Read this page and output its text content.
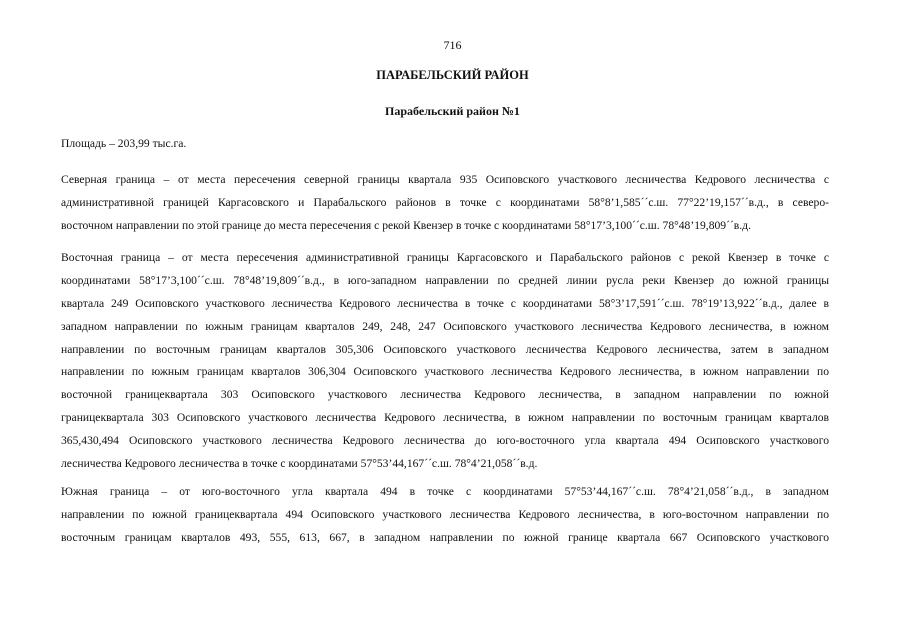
716
ПАРАБЕЛЬСКИЙ РАЙОН
Парабельский район №1
Площадь – 203,99 тыс.га.
Северная граница – от места пересечения северной границы квартала 935 Осиповского участкового лесничества Кедрового лесничества с
административной границей Каргасовского и Парабальского районов в точке с координатами 58°8’1,585´´с.ш. 77°22’19,157´´в.д., в северо-
восточном направлении по этой границе до места пересечения с рекой Квензер в точке с координатами 58°17’3,100´´с.ш. 78°48’19,809´´в.д.
Восточная граница – от места пересечения административной границы Каргасовского и Парабальского районов с рекой Квензер в точке с
координатами 58°17’3,100´´с.ш. 78°48’19,809´´в.д., в юго-западном направлении по средней линии русла реки Квензер до южной границы
квартала 249 Осиповского участкового лесничества Кедрового лесничества в точке с координатами 58°3’17,591´´с.ш. 78°19’13,922´´в.д., далее в
западном направлении по южным границам кварталов 249, 248, 247 Осиповского участкового лесничества Кедрового лесничества, в южном
направлении по восточным границам кварталов 305,306 Осиповского участкового лесничества Кедрового лесничества, затем в западном
направлении по южным границам кварталов 306,304 Осиповского участкового лесничества Кедрового лесничества, в южном направлении по
восточной границеквартала 303 Осиповского участкового лесничества Кедрового лесничества, в западном направлении по южной
границеквартала 303 Осиповского участкового лесничества Кедрового лесничества, в южном направлении по восточным границам кварталов
365,430,494 Осиповского участкового лесничества Кедрового лесничества до юго-восточного угла квартала 494 Осиповского участкового
лесничества Кедрового лесничества в точке с координатами 57°53’44,167´´с.ш. 78°4’21,058´´в.д.
Южная граница – от юго-восточного угла квартала 494 в точке с координатами 57°53’44,167´´с.ш. 78°4’21,058´´в.д., в западном
направлении по южной границеквартала 494 Осиповского участкового лесничества Кедрового лесничества, в юго-восточном направлении по
восточным границам кварталов 493, 555, 613, 667, в западном направлении по южной границе квартала 667 Осиповского участкового
